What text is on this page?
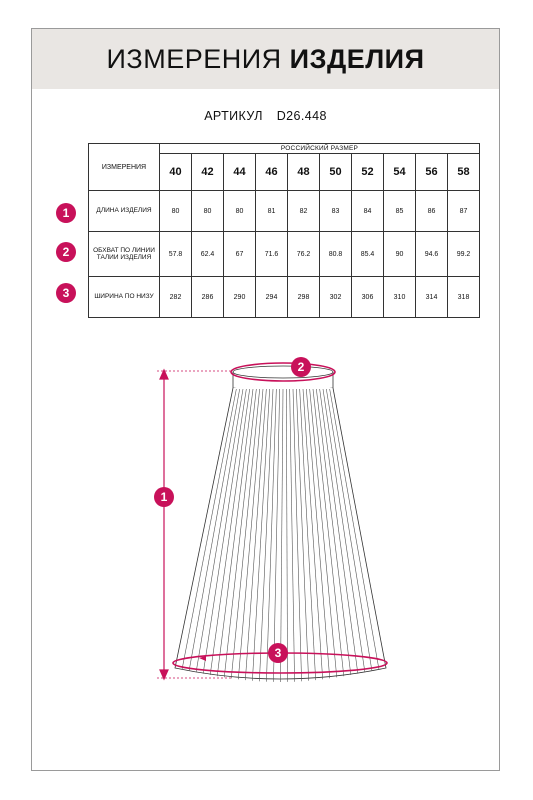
ИЗМЕРЕНИЯ ИЗДЕЛИЯ
АРТИКУЛ D26.448
ИЗМЕРЕНИЯ	РОССИЙСКИЙ РАЗМЕР									
	40	42	44	46	48	50	52	54	56	58
ДЛИНА ИЗДЕЛИЯ	80	80	80	81	82	83	84	85	86	87
ОБХВАТ ПО ЛИНИИ ТАЛИИ ИЗДЕЛИЯ	57.8	62.4	67	71.6	76.2	80.8	85.4	90	94.6	99.2
ШИРИНА ПО НИЗУ	282	286	290	294	298	302	306	310	314	318
1
2
3
2
1
3
